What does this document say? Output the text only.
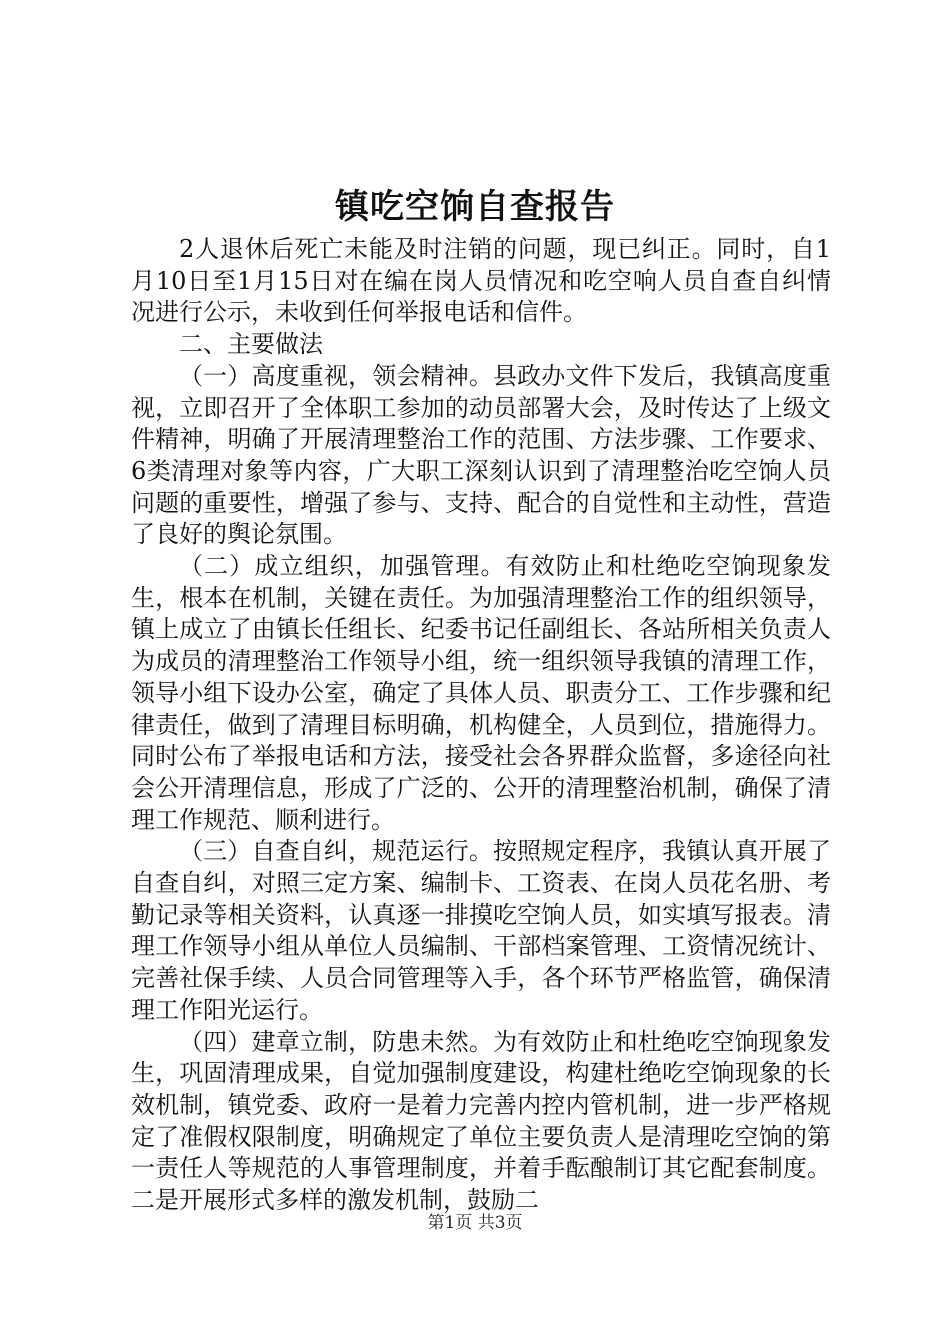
镇吃空饷自查报告

2人退休后死亡未能及时注销的问题，现已纠正。同时，自1月10日至1月15日对在编在岗人员情况和吃空响人员自查自纠情况进行公示，未收到任何举报电话和信件。

二、主要做法

（一）高度重视，领会精神。县政办文件下发后，我镇高度重视，立即召开了全体职工参加的动员部署大会，及时传达了上级文件精神，明确了开展清理整治工作的范围、方法步骤、工作要求、6类清理对象等内容，广大职工深刻认识到了清理整治吃空饷人员问题的重要性，增强了参与、支持、配合的自觉性和主动性，营造了良好的舆论氛围。

（二）成立组织，加强管理。有效防止和杜绝吃空饷现象发生，根本在机制，关键在责任。为加强清理整治工作的组织领导，镇上成立了由镇长任组长、纪委书记任副组长、各站所相关负责人为成员的清理整治工作领导小组，统一组织领导我镇的清理工作，领导小组下设办公室，确定了具体人员、职责分工、工作步骤和纪律责任，做到了清理目标明确，机构健全，人员到位，措施得力。同时公布了举报电话和方法，接受社会各界群众监督，多途径向社会公开清理信息，形成了广泛的、公开的清理整治机制，确保了清理工作规范、顺利进行。

（三）自查自纠，规范运行。按照规定程序，我镇认真开展了自查自纠，对照三定方案、编制卡、工资表、在岗人员花名册、考勤记录等相关资料，认真逐一排摸吃空饷人员，如实填写报表。清理工作领导小组从单位人员编制、干部档案管理、工资情况统计、完善社保手续、人员合同管理等入手，各个环节严格监管，确保清理工作阳光运行。

（四）建章立制，防患未然。为有效防止和杜绝吃空饷现象发生，巩固清理成果，自觉加强制度建设，构建杜绝吃空饷现象的长效机制，镇党委、政府一是着力完善内控内管机制，进一步严格规定了准假权限制度，明确规定了单位主要负责人是清理吃空饷的第一责任人等规范的人事管理制度，并着手酝酿制订其它配套制度。二是开展形式多样的激发机制，鼓励二

第1页 共3页
